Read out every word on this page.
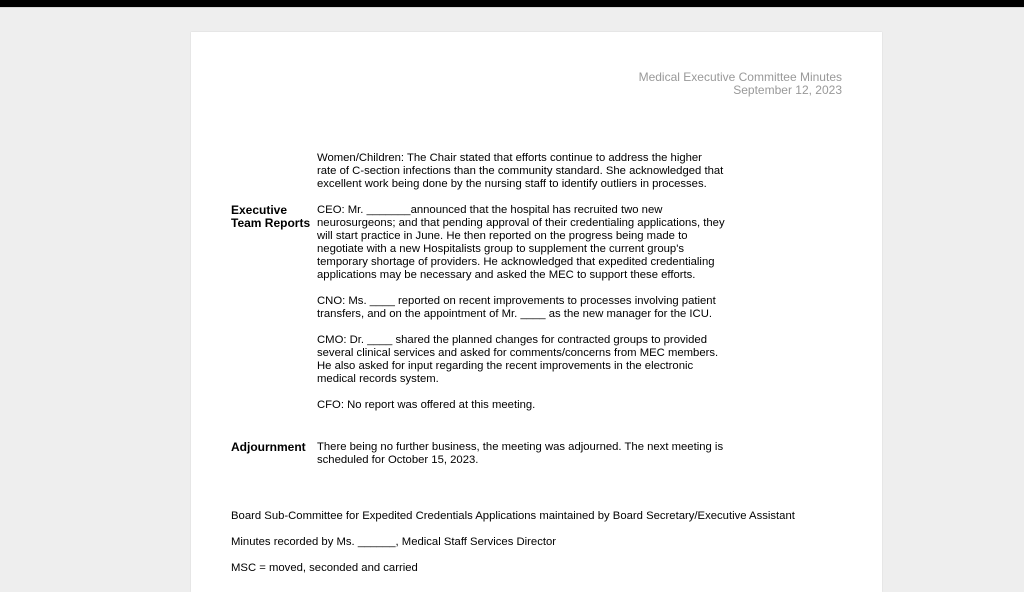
Medical Executive Committee Minutes
September 12, 2023
Women/Children: The Chair stated that efforts continue to address the higher
rate of C-section infections than the community standard. She acknowledged that
excellent work being done by the nursing staff to identify outliers in processes.
Executive
Team Reports
CEO: Mr. _______announced that the hospital has recruited two new
neurosurgeons; and that pending approval of their credentialing applications, they
will start practice in June. He then reported on the progress being made to
negotiate with a new Hospitalists group to supplement the current group's
temporary shortage of providers. He acknowledged that expedited credentialing
applications may be necessary and asked the MEC to support these efforts.
CNO: Ms. ____ reported on recent improvements to processes involving patient
transfers, and on the appointment of Mr. ____ as the new manager for the ICU.
CMO: Dr. ____ shared the planned changes for contracted groups to provided
several clinical services and asked for comments/concerns from MEC members.
He also asked for input regarding the recent improvements in the electronic
medical records system.
CFO: No report was offered at this meeting.
Adjournment	There being no further business, the meeting was adjourned. The next meeting is
scheduled for October 15, 2023.
Board Sub-Committee for Expedited Credentials Applications maintained by Board Secretary/Executive Assistant
Minutes recorded by Ms. ______, Medical Staff Services Director
MSC = moved, seconded and carried
